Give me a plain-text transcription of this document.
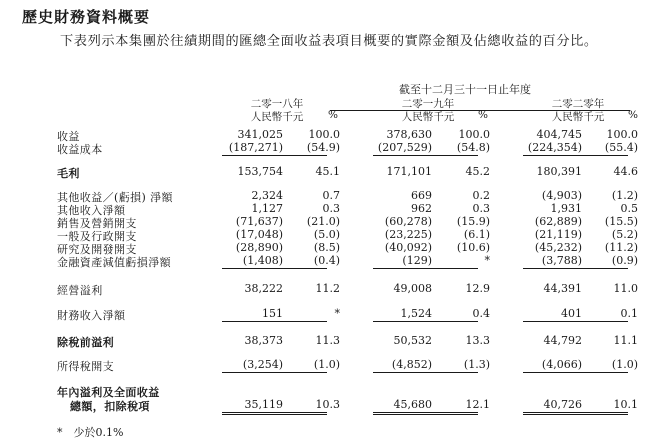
歷史財務資料概要
下表列示本集團於往績期間的匯總全面收益表項目概要的實際金額及佔總收益的百分比。
截至十二月三十一日止年度
二零一八年	二零一九年	二零二零年
人民幣千元	%	人民幣千元	%	人民幣千元	%
收益	341,025 100.0	378,630 100.0	404,745 100.0
收益成本	(187,271) (54.9)	(207,529) (54.8)	(224,354) (55.4)
毛利	153,754	45.1	171,101	45.2	180,391	44.6
其他收益／(虧損) 淨額	2,324	0.7	669	0.2	(4,903)	(1.2)
其他收入淨額	1,127	0.3	962	0.3	1,931	0.5
銷售及營銷開支	(71,637) (21.0)	(60,278) (15.9)	(62,889) (15.5)
一般及行政開支	(17,048)	(5.0)	(23,225)	(6.1)	(21,119)	(5.2)
研究及開發開支	(28,890)	(8.5)	(40,092) (10.6)	(45,232) (11.2)
金融資產減值虧損淨額	(1,408)	(0.4)	(129)	*	(3,788)	(0.9)
經營溢利	38,222	11.2	49,008	12.9	44,391	11.0
財務收入淨額	151	*	1,524	0.4	401	0.1
除稅前溢利	38,373	11.3	50,532	13.3	44,792	11.1
所得稅開支	(3,254)	(1.0)	(4,852)	(1.3)	(4,066)	(1.0)
年內溢利及全面收益
總額，扣除稅項	35,119	10.3	45,680	12.1	40,726	10.1
*　少於0.1%
